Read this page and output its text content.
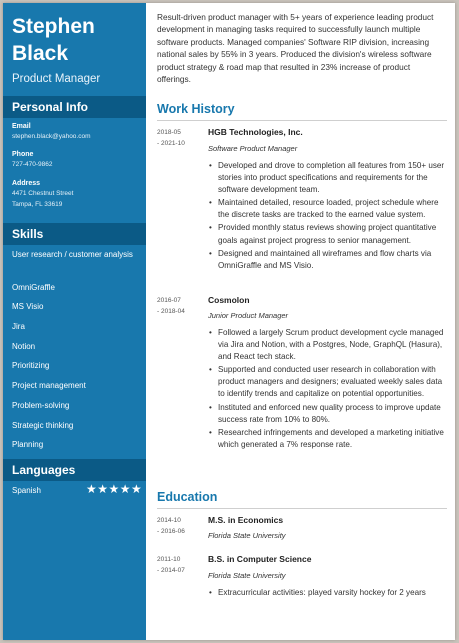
Stephen
Black
Product Manager
Personal Info
Email
stephen.black@yahoo.com
Phone
727-470-9862
Address
4471 Chestnut Street
Tampa, FL 33619
Skills
User research / customer analysis
OmniGraffle
MS Visio
Jira
Notion
Prioritizing
Project management
Problem-solving
Strategic thinking
Planning
Languages
Spanish	★★★★★
Result-driven product manager with 5+ years of experience leading product development in managing tasks required to successfully launch multiple software products. Managed companies' Software RIP division, increasing national sales by 55% in 3 years. Produced the division's wireless software product strategy & road map that resulted in 23% increase of product offerings.
Work History
2018-05
- 2021-10
HGB Technologies, Inc.
Software Product Manager
• Developed and drove to completion all features from 150+ user stories into product specifications and requirements for the software development team.
• Maintained detailed, resource loaded, project schedule where the discrete tasks are tracked to the earned value system.
• Provided monthly status reviews showing project quantitative goals against project progress to senior management.
• Designed and maintained all wireframes and flow charts via OmniGraffle and MS Visio.
2016-07
- 2018-04
Cosmolon
Junior Product Manager
• Followed a largely Scrum product development cycle managed via Jira and Notion, with a Postgres, Node, GraphQL (Hasura), and React tech stack.
• Supported and conducted user research in collaboration with product managers and designers; evaluated weekly sales data to identify trends and capitalize on potential opportunities.
• Instituted and enforced new quality process to improve update success rate from 10% to 80%.
• Researched infringements and developed a marketing initiative which generated a 7% response rate.
Education
2014-10
- 2016-06
M.S. in Economics
Florida State University
2011-10
- 2014-07
B.S. in Computer Science
Florida State University
• Extracurricular activities: played varsity hockey for 2 years
